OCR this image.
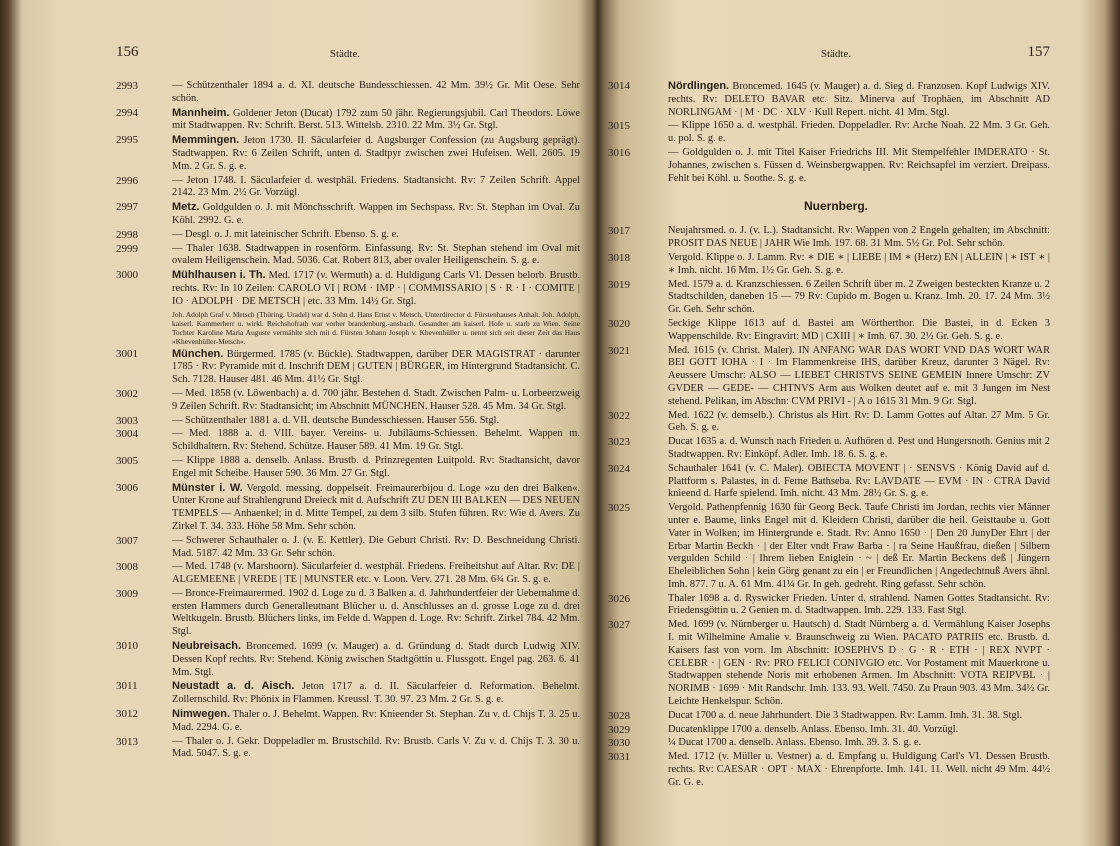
156	Städte.
2993	— Schützenthaler 1894 a. d. XI. deutsche Bundesschiessen. 42 Mm. 39½ Gr. Mit Oese. Sehr schön.
2994	Mannheim. Goldener Jeton (Ducat) 1792 zum 50 jähr. Regierungsjubil. Carl Theodors. Löwe mit Stadtwappen. Rv: Schrift. Berst. 513. Wittelsb. 2310. 22 Mm. 3½ Gr. Stgl.
2995	Memmingen. Jeton 1730. II. Säcularfeier d. Augsburger Confession (zu Augsburg geprägt). Stadtwappen. Rv: 6 Zeilen Schrift, unten d. Stadtpyr zwischen zwei Hufeisen. Well. 2605. 19 Mm. 2 Gr. S. g. e.
2996	— Jeton 1748. I. Säcularfeier d. westphäl. Friedens. Stadtansicht. Rv: 7 Zeilen Schrift. Appel 2142. 23 Mm. 2½ Gr. Vorzügl.
2997	Metz. Goldgulden o. J. mit Mönchsschrift. Wappen im Sechspass. Rv: St. Stephan im Oval. Zu Köhl. 2992. G. e.
2998	— Desgl. o. J. mit lateinischer Schrift. Ebenso. S. g. e.
2999	— Thaler 1638. Stadtwappen in rosenförm. Einfassung. Rv: St. Stephan stehend im Oval mit ovalem Heiligenschein. Mad. 5036. Cat. Robert 813, aber ovaler Heiligenschein. S. g. e.
3000	Mühlhausen i. Th. Med. 1717 (v. Wermuth) a. d. Huldigung Carls VI. Dessen belorb. Brustb. rechts. Rv: In 10 Zeilen: CAROLO VI | ROM · IMP · | COMMISSARIO | S · R · I · COMITE | IO · ADOLPH · DE METSCH | etc. 33 Mm. 14½ Gr. Stgl.
Joh. Adolph Graf v. Metsch (Thüring. Uradel) war d. Sohn d. Hans Ernst v. Metsch, Unterdirector d. Fürstenhauses Anhalt. Joh. Adolph, kaiserl. Kammerherr u. wirkl. Reichshofrath war vorher brandenburg.-ansbach. Gesandter am kaiserl. Hofe u. starb zu Wien. Seine Tochter Karoline Maria Auguste vermählte sich mit d. Fürsten Johann Joseph v. Khevenhüller u. nennt sich seit dieser Zeit das Haus »Khevenhüller-Metsch«.
3001	München. Bürgermed. 1785 (v. Bückle). Stadtwappen, darüber DER MAGISTRAT · darunter 1785 · Rv: Pyramide mit d. Inschrift DEM | GUTEN | BÜRGER, im Hintergrund Stadtansicht. C. Sch. 7128. Hauser 481. 46 Mm. 41½ Gr. Stgl.
3002	— Med. 1858 (v. Löwenbach) a. d. 700 jähr. Bestehen d. Stadt. Zwischen Palm- u. Lorbeerzweig 9 Zeilen Schrift. Rv: Stadtansicht; im Abschnitt MÜNCHEN. Hauser 528. 45 Mm. 34 Gr. Stgl.
3003	— Schützenthaler 1881 a. d. VII. deutsche Bundesschiessen. Hauser 556. Stgl.
3004	— Med. 1888 a. d. VIII. bayer. Vereins- u. Jubiläums-Schiessen. Behelmt. Wappen m. Schildhaltern. Rv: Stehend. Schütze. Hauser 589. 41 Mm. 19 Gr. Stgl.
3005	— Klippe 1888 a. denselb. Anlass. Brustb. d. Prinzregenten Luitpold. Rv: Stadtansicht, davor Engel mit Scheibe. Hauser 590. 36 Mm. 27 Gr. Stgl.
3006	Münster i. W. Vergold. messing. doppelseit. Freimaurerbijou d. Loge »zu den drei Balken«. Unter Krone auf Strahlengrund Dreieck mit d. Aufschrift ZU DEN III BALKEN — DES NEUEN TEMPELS — Anhaenkel; in d. Mitte Tempel, zu dem 3 silb. Stufen führen. Rv: Wie d. Avers. Zu Zirkel T. 34. 333. Höhe 58 Mm. Sehr schön.
3007	— Schwerer Schauthaler o. J. (v. E. Kettler). Die Geburt Christi. Rv: D. Beschneidung Christi. Mad. 5187. 42 Mm. 33 Gr. Sehr schön.
3008	— Med. 1748 (v. Marshoorn). Säcularfeier d. westphäl. Friedens. Freiheitshut auf Altar. Rv: DE | ALGEMEENE | VREDE | TE | MUNSTER etc. v. Loon. Verv. 271. 28 Mm. 6¾ Gr. S. g. e.
3009	— Bronce-Freimaurermed. 1902 d. Loge zu d. 3 Balken a. d. Jahrhundertfeier der Uebernahme d. ersten Hammers durch Generalleutnant Blücher u. d. Anschlusses an d. grosse Loge zu d. drei Weltkugeln. Brustb. Blüchers links, im Felde d. Wappen d. Loge. Rv: Schrift. Zirkel 784. 42 Mm. Stgl.
3010	Neubreisach. Broncemed. 1699 (v. Mauger) a. d. Gründung d. Stadt durch Ludwig XIV. Dessen Kopf rechts. Rv: Stehend. König zwischen Stadtgöttin u. Flussgott. Engel pag. 263. 6. 41 Mm. Stgl.
3011	Neustadt a. d. Aisch. Jeton 1717 a. d. II. Säcularfeier d. Reformation. Behelmt. Zollernschild. Rv: Phönix in Flammen. Kreussl. T. 30. 97. 23 Mm. 2 Gr. S. g. e.
3012	Nimwegen. Thaler o. J. Behelmt. Wappen. Rv: Knieender St. Stephan. Zu v. d. Chijs T. 3. 25 u. Mad. 2294. G. e.
3013	— Thaler o. J. Gekr. Doppeladler m. Brustschild. Rv: Brustb. Carls V. Zu v. d. Chijs T. 3. 30 u. Mad. 5047. S. g. e.
Städte.	157
3014	Nördlingen. Broncemed. 1645 (v. Mauger) a. d. Sieg d. Franzosen. Kopf Ludwigs XIV. rechts. Rv: DELETO BAVAR etc. Sitz. Minerva auf Trophäen, im Abschnitt AD NORLINGAM · | M · DC · XLV · Kull Repert. nicht. 41 Mm. Stgl.
3015	— Klippe 1650 a. d. westphäl. Frieden. Doppeladler. Rv: Arche Noah. 22 Mm. 3 Gr. Geh. u. pol. S. g. e.
3016	— Goldgulden o. J. mit Titel Kaiser Friedrichs III. Mit Stempelfehler IMDERATO · St. Johannes, zwischen s. Füssen d. Weinsbergwappen. Rv: Reichsapfel im verziert. Dreipass. Fehlt bei Köhl. u. Soothe. S. g. e.
Nuernberg.
3017	Neujahrsmed. o. J. (v. L.). Stadtansicht. Rv: Wappen von 2 Engeln gehalten; im Abschnitt: PROSIT DAS NEUE | JAHR Wie Imh. 197. 68. 31 Mm. 5½ Gr. Pol. Sehr schön.
3018	Vergold. Klippe o. J. Lamm. Rv: ∗ DIE ∗ | LIEBE | IM ∗ (Herz) EN | ALLEIN | ∗ IST ∗ | ∗ Imh. nicht. 16 Mm. 1½ Gr. Geh. S. g. e.
3019	Med. 1579 a. d. Kranzschiessen. 6 Zeilen Schrift über m. 2 Zweigen besteckten Kranze u. 2 Stadtschilden, daneben 15 — 79 Rv: Cupido m. Bogen u. Kranz. Imh. 20. 17. 24 Mm. 3½ Gr. Geh. Sehr schön.
3020	5eckige Klippe 1613 auf d. Bastei am Wörtherthor. Die Bastei, in d. Ecken 3 Wappenschilde. Rv: Eingravirt: MD | CXIII | ∗ Imh. 67. 30. 2½ Gr. Geh. S. g. e.
3021	Med. 1615 (v. Christ. Maler). IN ANFANG WAR DAS WORT VND DAS WORT WAR BEI GOTT IOHA · I · Im Flammenkreise IHS, darüber Kreuz, darunter 3 Nägel. Rv: Aeussere Umschr: ALSO — LIEBET CHRISTVS SEINE GEMEIN Innere Umschr: ZV GVDER — GEDE- — CHTNVS Arm aus Wolken deutet auf e. mit 3 Jungen im Nest stehend. Pelikan, im Abschn: CVM PRIVI - | A o 1615 31 Mm. 9 Gr. Stgl.
3022	Med. 1622 (v. demselb.). Christus als Hirt. Rv: D. Lamm Gottes auf Altar. 27 Mm. 5 Gr. Geh. S. g. e.
3023	Ducat 1635 a. d. Wunsch nach Frieden u. Aufhören d. Pest und Hungersnoth. Genius mit 2 Stadtwappen. Rv: Einköpf. Adler. Imh. 18. 6. S. g. e.
3024	Schauthaler 1641 (v. C. Maler). OBIECTA MOVENT | · SENSVS · König David auf d. Plattform s. Palastes, in d. Ferne Bathseba. Rv: LAVDATE — EVM · IN · CTRA David knieend d. Harfe spielend. Imh. nicht. 43 Mm. 28½ Gr. S. g. e.
3025	Vergold. Pathenpfennig 1630 für Georg Beck. Taufe Christi im Jordan, rechts vier Männer unter e. Baume, links Engel mit d. Kleidern Christi, darüber die heil. Geisttaube u. Gott Vater in Wolken; im Hintergrunde e. Stadt. Rv: Anno 1650 · | Den 20 JunyDer Ehrt | der Erbar Martin Beckh · | der Elter vndt Fraw Barba · | ra Seine Haußfrau, dießen | Silbern vergulden Schild · | Ihrem lieben Eniglein · ~ | deß Er. Martin Beckens deß | Jüngern Eheleiblichen Sohn | kein Görg genant zu ein | er Freundlichen | Angedechtnuß Avers ähnl. Imh. 877. 7 u. A. 61 Mm. 41¼ Gr. In geh. gedreht. Ring gefasst. Sehr schön.
3026	Thaler 1698 a. d. Ryswicker Frieden. Unter d. strahlend. Namen Gottes Stadtansicht. Rv: Friedensgöttin u. 2 Genien m. d. Stadtwappen. Imh. 229. 133. Fast Stgl.
3027	Med. 1699 (v. Nürnberger u. Hautsch) d. Stadt Nürnberg a. d. Vermählung Kaiser Josephs I. mit Wilhelmine Amalie v. Braunschweig zu Wien. PACATO PATRIIS etc. Brustb. d. Kaisers fast von vorn. Im Abschnitt: IOSEPHVS D · G · R · ETH · | REX NVPT · CELEBR · | GEN · Rv: PRO FELICI CONIVGIO etc. Vor Postament mit Mauerkrone u. Stadtwappen stehende Noris mit erhobenen Armen. Im Abschnitt: VOTA REIPVBL · | NORIMB · 1699 · Mit Randschr. Imh. 133. 93. Well. 7450. Zu Praun 903. 43 Mm. 34½ Gr. Leichte Henkelspur. Schön.
3028	Ducat 1700 a. d. neue Jahrhundert. Die 3 Stadtwappen. Rv: Lamm. Imh. 31. 38. Stgl.
3029	Ducatenklippe 1700 a. denselb. Anlass. Ebenso. Imh. 31. 40. Vorzügl.
3030	¼ Ducat 1700 a. denselb. Anlass. Ebenso. Imh. 39. 3. S. g. e.
3031	Med. 1712 (v. Müller u. Vestner) a. d. Empfang u. Huldigung Carl's VI. Dessen Brustb. rechts. Rv: CAESAR · OPT · MAX · Ehrenpforte. Imh. 141. 11. Well. nicht 49 Mm. 44½ Gr. G. e.
